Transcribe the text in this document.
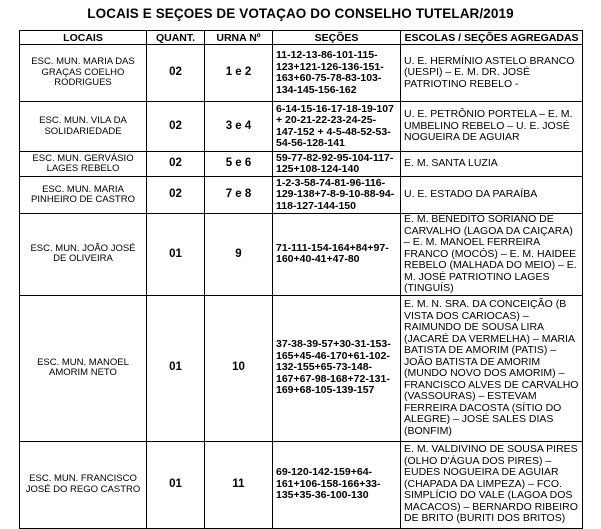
LOCAIS E SEÇOES DE VOTAÇAO DO CONSELHO TUTELAR/2019
LOCAIS	QUANT.	URNA Nº	SEÇÕES	ESCOLAS / SEÇÕES AGREGADAS
ESC. MUN. MARIA DAS GRAÇAS COELHO RODRIGUES	02	1 e 2	11-12-13-86-101-115-123+121-126-136-151-163+60-75-78-83-103-134-145-156-162	U. E. HERMÍNIO ASTELO BRANCO (UESPI) – E. M. DR. JOSÉ PATRIOTINO REBELO -
ESC. MUN. VILA DA SOLIDARIEDADE	02	3 e 4	6-14-15-16-17-18-19-107 + 20-21-22-23-24-25-147-152 + 4-5-48-52-53-54-56-128-141	U. E. PETRÔNIO PORTELA – E. M. UMBELINO REBELO – U. E. JOSÉ NOGUEIRA DE AGUIAR
ESC. MUN. GERVÁSIO LAGES REBELO	02	5 e 6	59-77-82-92-95-104-117-125+108-124-140	E. M. SANTA LUZIA
ESC. MUN. MARIA PINHEIRO DE CASTRO	02	7 e 8	1-2-3-58-74-81-96-116-129-138+7-8-9-10-88-94-118-127-144-150	U. E. ESTADO DA PARAÍBA
ESC. MUN. JOÃO JOSÉ DE OLIVEIRA	01	9	71-111-154-164+84+97-160+40-41+47-80	E. M. BENEDITO SORIANO DE CARVALHO (LAGOA DA CAIÇARA) – E. M. MANOEL FERREIRA FRANCO (MOCÓS) – E. M. HAIDEE REBELO (MALHADA DO MEIO) – E. M. JOSÉ PATRIOTINO LAGES (TINGUÍS)
ESC. MUN. MANOEL AMORIM NETO	01	10	37-38-39-57+30-31-153-165+45-46-170+61-102-132-155+65-73-148-167+67-98-168+72-131-169+68-105-139-157	E. M. N. SRA. DA CONCEIÇÃO (B VISTA DOS CARIOCAS) – RAIMUNDO DE SOUSA LIRA (JACARÉ DA VERMELHA) – MARIA BATISTA DE AMORIM (PATIS) – JOÃO BATISTA DE AMORIM (MUNDO NOVO DOS AMORIM) – FRANCISCO ALVES DE CARVALHO (VASSOURAS) – ESTEVAM FERREIRA DACOSTA (SÍTIO DO ALEGRE) – JOSÉ SALES DIAS (BONFIM)
ESC. MUN. FRANCISCO JOSÉ DO REGO CASTRO	01	11	69-120-142-159+64-161+106-158-166+33-135+35-36-100-130	E. M. VALDIVINO DE SOUSA PIRES (OLHO D'ÁGUA DOS PIRES) – EUDES NOGUEIRA DE AGUIAR (CHAPADA DA LIMPEZA) – FCO. SIMPLÍCIO DO VALE (LAGOA DOS MACACOS) – BERNARDO RIBEIRO DE BRITO (BURITI DOS BRITOS)
